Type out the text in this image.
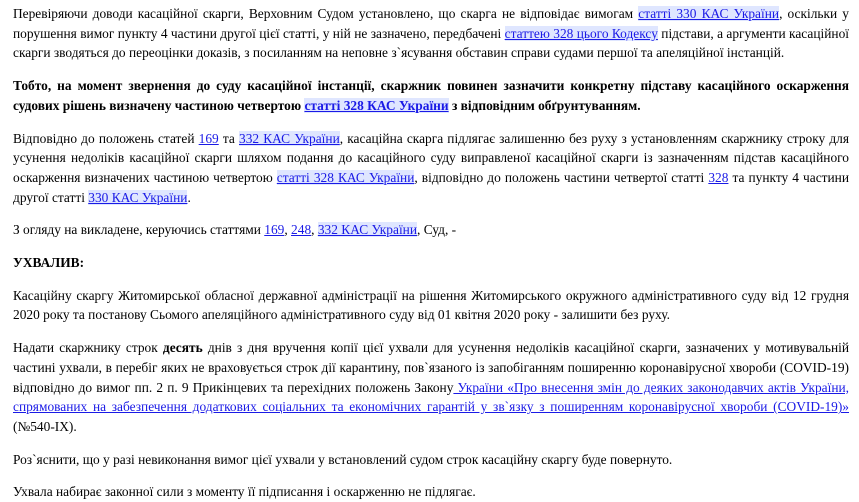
Перевіряючи доводи касаційної скарги, Верховним Судом установлено, що скарга не відповідає вимогам статті 330 КАС України, оскільки у порушення вимог пункту 4 частини другої цієї статті, у ній не зазначено, передбачені статтею 328 цього Кодексу підстави, а аргументи касаційної скарги зводяться до переоцінки доказів, з посиланням на неповне з`ясування обставин справи судами першої та апеляційної інстанцій.

Тобто, на момент звернення до суду касаційної інстанції, скаржник повинен зазначити конкретну підставу касаційного оскарження судових рішень визначену частиною четвертою статті 328 КАС України з відповідним обґрунтуванням.

Відповідно до положень статей 169 та 332 КАС України, касаційна скарга підлягає залишенню без руху з установленням скаржнику строку для усунення недоліків касаційної скарги шляхом подання до касаційного суду виправленої касаційної скарги із зазначенням підстав касаційного оскарження визначених частиною четвертою статті 328 КАС України, відповідно до положень частини четвертої статті 328 та пункту 4 частини другої статті 330 КАС України.

З огляду на викладене, керуючись статтями 169, 248, 332 КАС України, Суд, -

УХВАЛИВ:

Касаційну скаргу Житомирської обласної державної адміністрації на рішення Житомирського окружного адміністративного суду від 12 грудня 2020 року та постанову Сьомого апеляційного адміністративного суду від 01 квітня 2020 року - залишити без руху.

Надати скаржнику строк десять днів з дня вручення копії цієї ухвали для усунення недоліків касаційної скарги, зазначених у мотивувальній частині ухвали, в перебіг яких не враховується строк дії карантину, пов`язаного із запобіганням поширенню коронавірусної хвороби (COVID-19) відповідно до вимог пп. 2 п. 9 Прикінцевих та перехідних положень Закону України «Про внесення змін до деяких законодавчих актів України, спрямованих на забезпечення додаткових соціальних та економічних гарантій у зв`язку з поширенням коронавірусної хвороби (COVID-19)» (№540-IX).

Роз`яснити, що у разі невиконання вимог цієї ухвали у встановлений судом строк касаційну скаргу буде повернуто.

Ухвала набирає законної сили з моменту її підписання і оскарженню не підлягає.
